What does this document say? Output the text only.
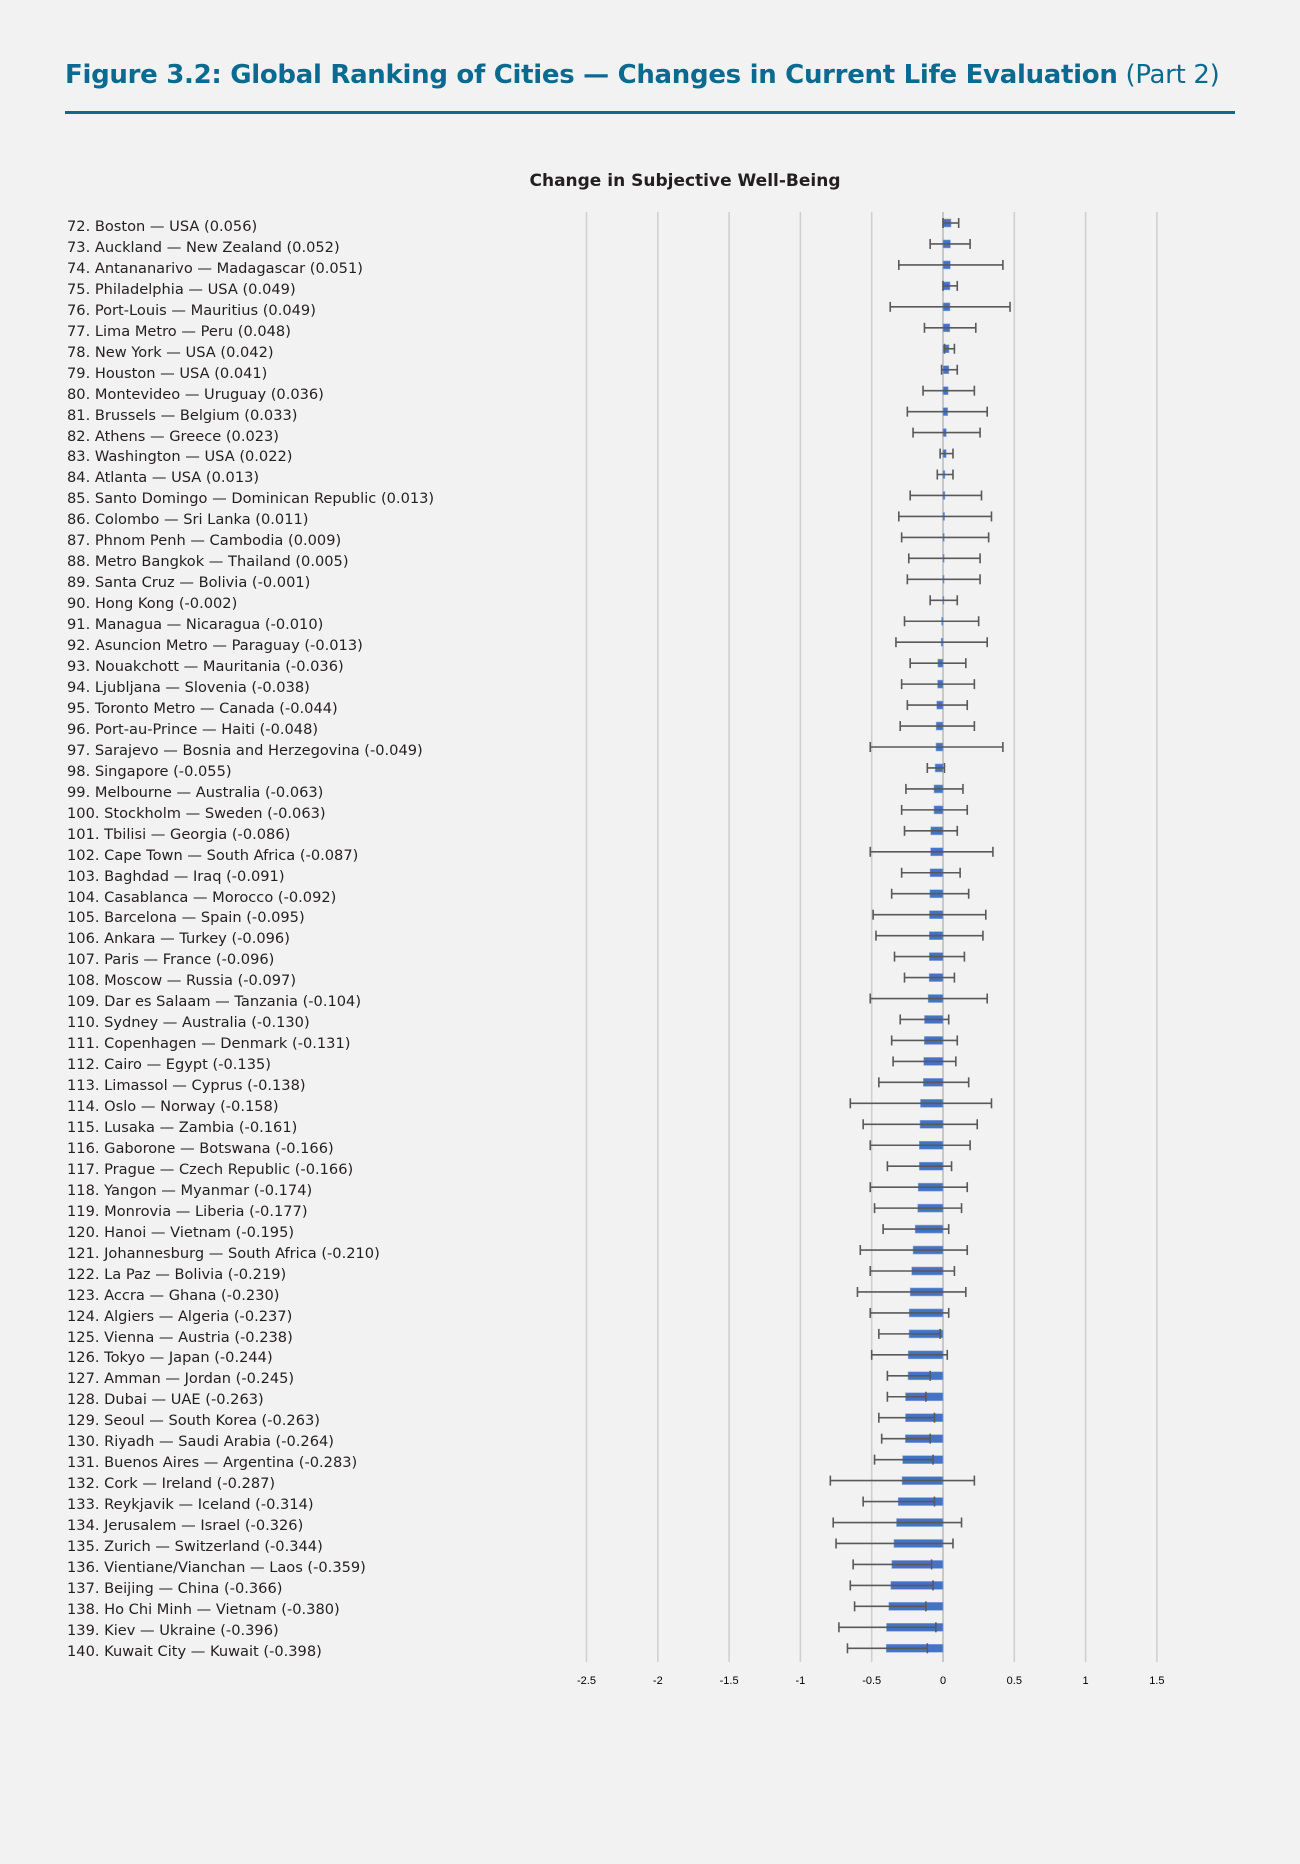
Figure 3.2: Global Ranking of Cities — Changes in Current Life Evaluation (Part 2)
Change in Subjective Well-Being
72. Boston — USA (0.056)
73. Auckland — New Zealand (0.052)
74. Antananarivo — Madagascar (0.051)
75. Philadelphia — USA (0.049)
76. Port-Louis — Mauritius (0.049)
77. Lima Metro — Peru (0.048)
78. New York — USA (0.042)
79. Houston — USA (0.041)
80. Montevideo — Uruguay (0.036)
81. Brussels — Belgium (0.033)
82. Athens — Greece (0.023)
83. Washington — USA (0.022)
84. Atlanta — USA (0.013)
85. Santo Domingo — Dominican Republic (0.013)
86. Colombo — Sri Lanka (0.011)
87. Phnom Penh — Cambodia (0.009)
88. Metro Bangkok — Thailand (0.005)
89. Santa Cruz — Bolivia (-0.001)
90. Hong Kong (-0.002)
91. Managua — Nicaragua (-0.010)
92. Asuncion Metro — Paraguay (-0.013)
93. Nouakchott — Mauritania (-0.036)
94. Ljubljana — Slovenia (-0.038)
95. Toronto Metro — Canada (-0.044)
96. Port-au-Prince — Haiti (-0.048)
97. Sarajevo — Bosnia and Herzegovina (-0.049)
98. Singapore (-0.055)
99. Melbourne — Australia (-0.063)
100. Stockholm — Sweden (-0.063)
101. Tbilisi — Georgia (-0.086)
102. Cape Town — South Africa (-0.087)
103. Baghdad — Iraq (-0.091)
104. Casablanca — Morocco (-0.092)
105. Barcelona — Spain (-0.095)
106. Ankara — Turkey (-0.096)
107. Paris — France (-0.096)
108. Moscow — Russia (-0.097)
109. Dar es Salaam — Tanzania (-0.104)
110. Sydney — Australia (-0.130)
111. Copenhagen — Denmark (-0.131)
112. Cairo — Egypt (-0.135)
113. Limassol — Cyprus (-0.138)
114. Oslo — Norway (-0.158)
115. Lusaka — Zambia (-0.161)
116. Gaborone — Botswana (-0.166)
117. Prague — Czech Republic (-0.166)
118. Yangon — Myanmar (-0.174)
119. Monrovia — Liberia (-0.177)
120. Hanoi — Vietnam (-0.195)
121. Johannesburg — South Africa (-0.210)
122. La Paz — Bolivia (-0.219)
123. Accra — Ghana (-0.230)
124. Algiers — Algeria (-0.237)
125. Vienna — Austria (-0.238)
126. Tokyo — Japan (-0.244)
127. Amman — Jordan (-0.245)
128. Dubai — UAE (-0.263)
129. Seoul — South Korea (-0.263)
130. Riyadh — Saudi Arabia (-0.264)
131. Buenos Aires — Argentina (-0.283)
132. Cork — Ireland (-0.287)
133. Reykjavik — Iceland (-0.314)
134. Jerusalem — Israel (-0.326)
135. Zurich — Switzerland (-0.344)
136. Vientiane/Vianchan — Laos (-0.359)
137. Beijing — China (-0.366)
138. Ho Chi Minh — Vietnam (-0.380)
139. Kiev — Ukraine (-0.396)
140. Kuwait City — Kuwait (-0.398)
-2.5	-2	-1.5	-1	-0.5	0	0.5	1	1.5
